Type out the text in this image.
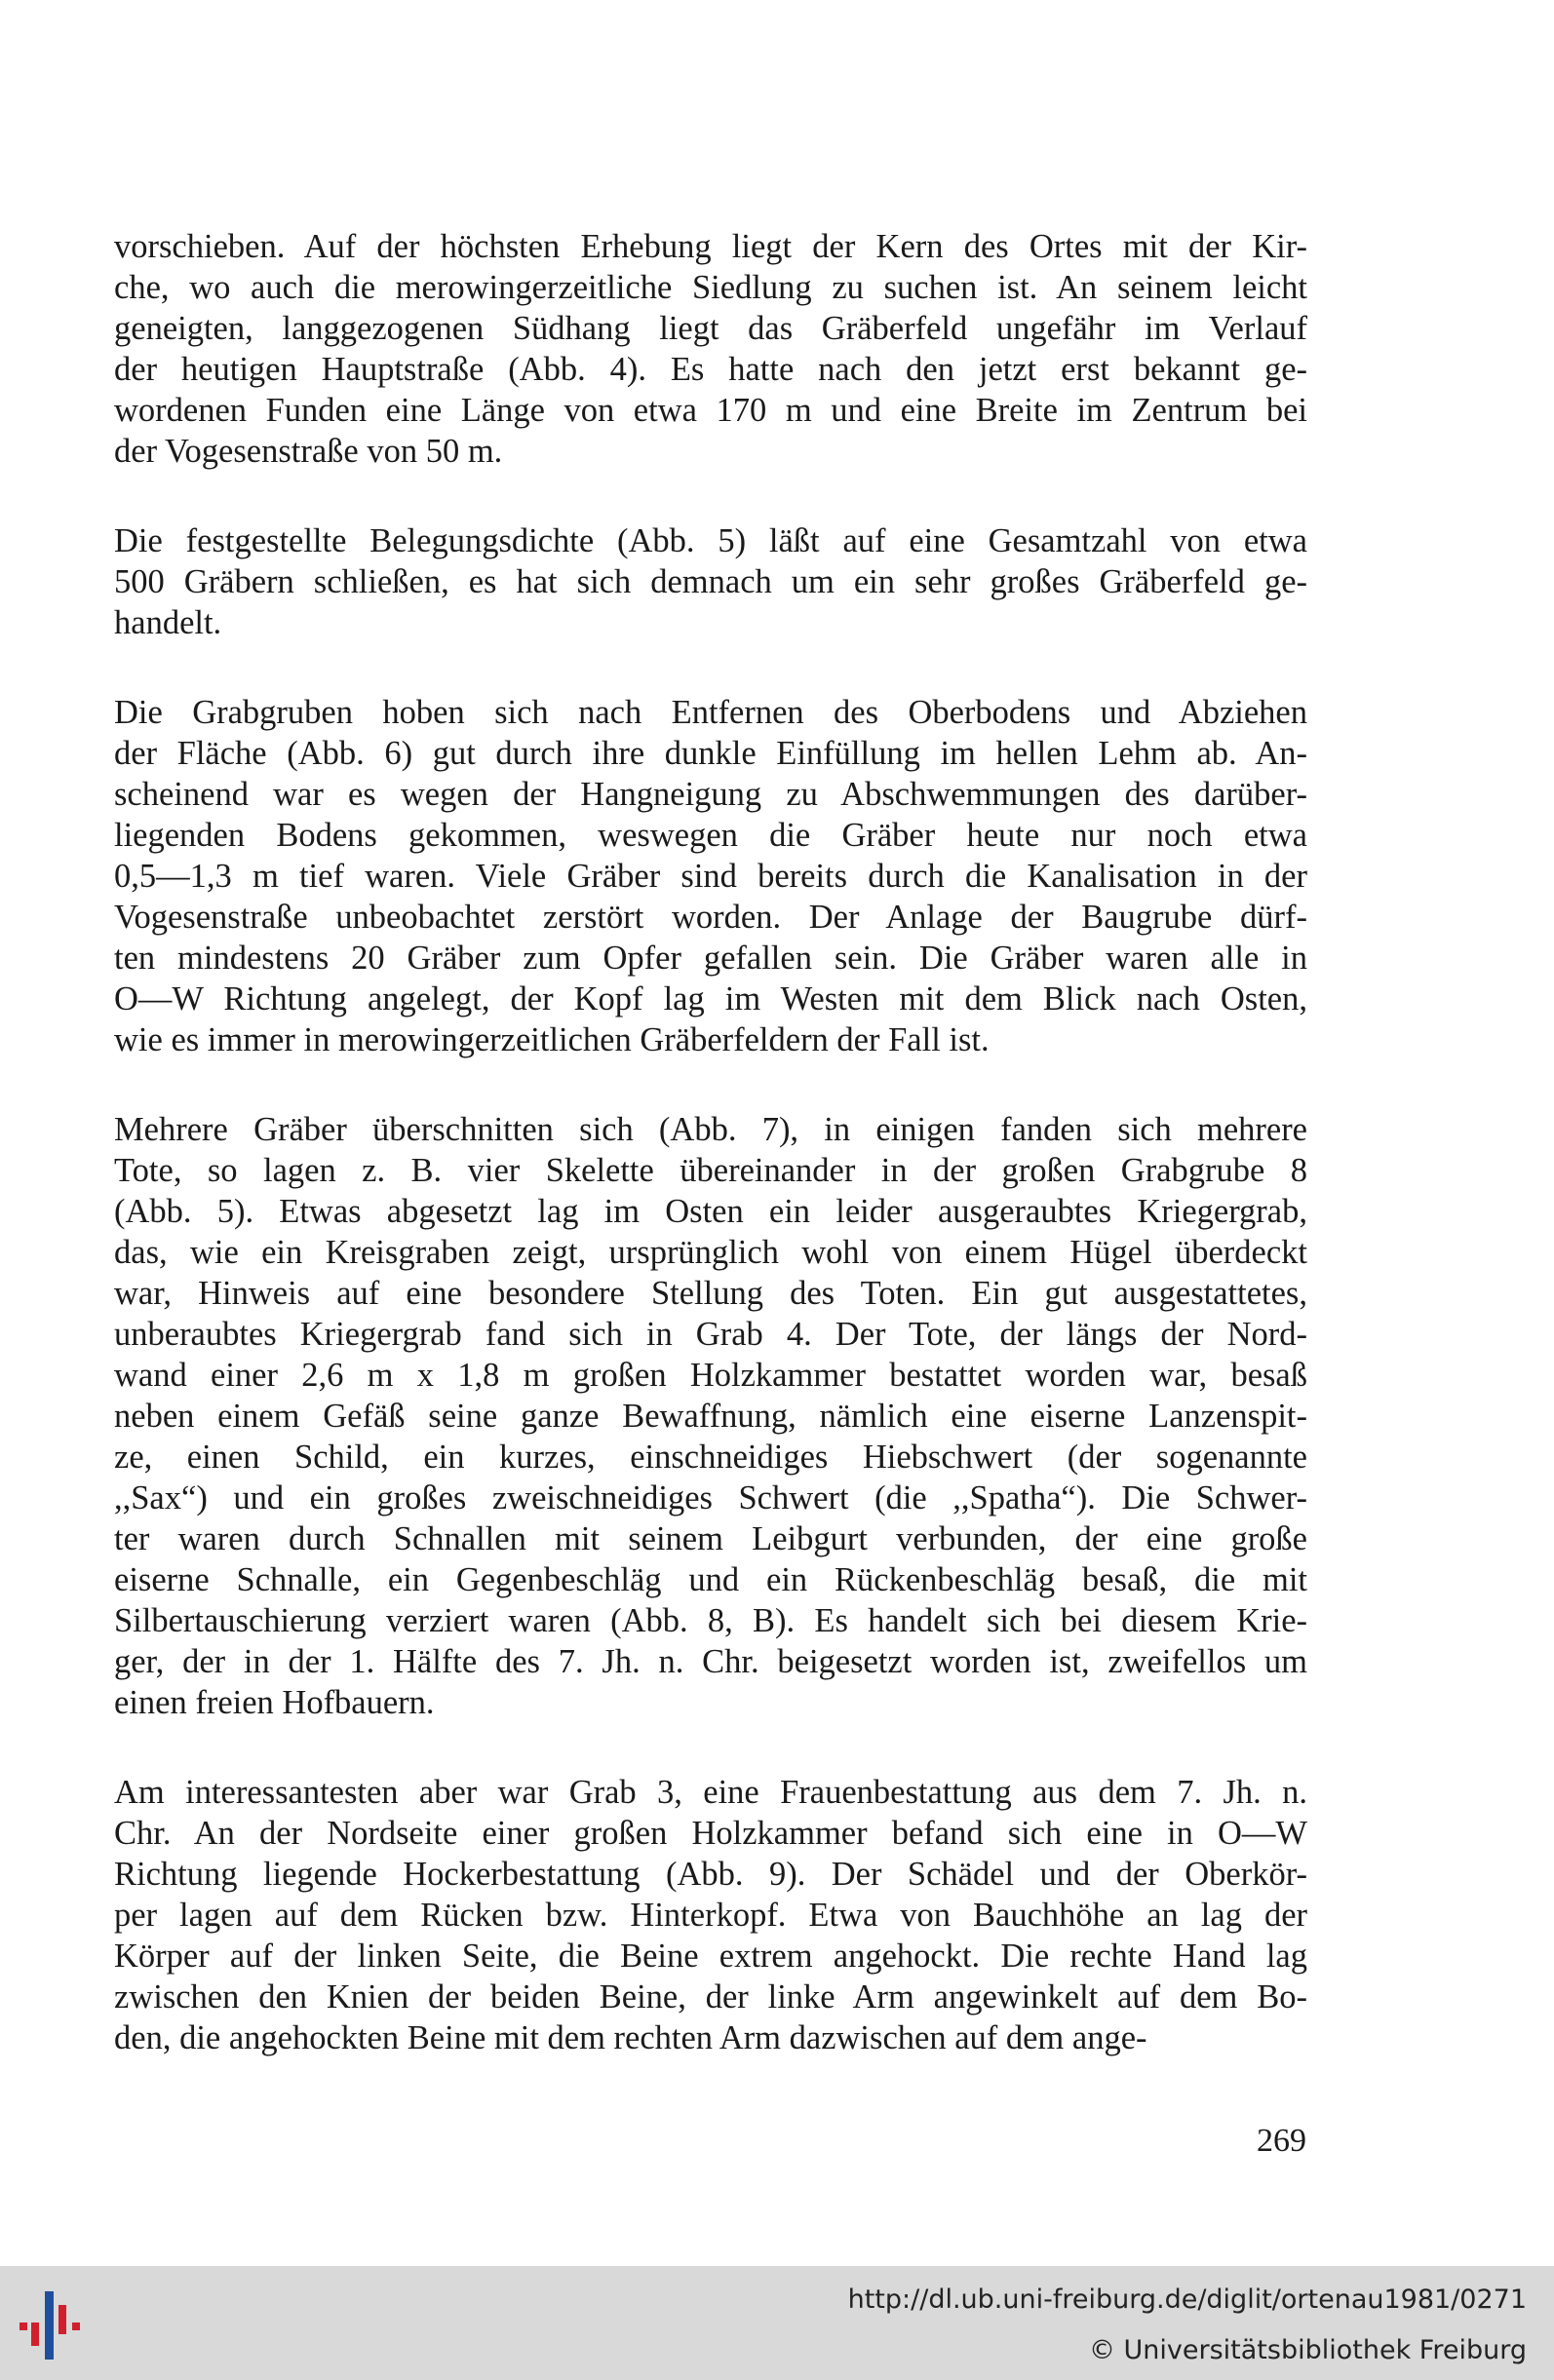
vorschieben. Auf der höchsten Erhebung liegt der Kern des Ortes mit der Kir-
che, wo auch die merowingerzeitliche Siedlung zu suchen ist. An seinem leicht
geneigten, langgezogenen Südhang liegt das Gräberfeld ungefähr im Verlauf
der heutigen Hauptstraße (Abb. 4). Es hatte nach den jetzt erst bekannt ge-
wordenen Funden eine Länge von etwa 170 m und eine Breite im Zentrum bei
der Vogesenstraße von 50 m.

Die festgestellte Belegungsdichte (Abb. 5) läßt auf eine Gesamtzahl von etwa
500 Gräbern schließen, es hat sich demnach um ein sehr großes Gräberfeld ge-
handelt.

Die Grabgruben hoben sich nach Entfernen des Oberbodens und Abziehen
der Fläche (Abb. 6) gut durch ihre dunkle Einfüllung im hellen Lehm ab. An-
scheinend war es wegen der Hangneigung zu Abschwemmungen des darüber-
liegenden Bodens gekommen, weswegen die Gräber heute nur noch etwa
0,5—1,3 m tief waren. Viele Gräber sind bereits durch die Kanalisation in der
Vogesenstraße unbeobachtet zerstört worden. Der Anlage der Baugrube dürf-
ten mindestens 20 Gräber zum Opfer gefallen sein. Die Gräber waren alle in
O—W Richtung angelegt, der Kopf lag im Westen mit dem Blick nach Osten,
wie es immer in merowingerzeitlichen Gräberfeldern der Fall ist.

Mehrere Gräber überschnitten sich (Abb. 7), in einigen fanden sich mehrere
Tote, so lagen z. B. vier Skelette übereinander in der großen Grabgrube 8
(Abb. 5). Etwas abgesetzt lag im Osten ein leider ausgeraubtes Kriegergrab,
das, wie ein Kreisgraben zeigt, ursprünglich wohl von einem Hügel überdeckt
war, Hinweis auf eine besondere Stellung des Toten. Ein gut ausgestattetes,
unberaubtes Kriegergrab fand sich in Grab 4. Der Tote, der längs der Nord-
wand einer 2,6 m x 1,8 m großen Holzkammer bestattet worden war, besaß
neben einem Gefäß seine ganze Bewaffnung, nämlich eine eiserne Lanzenspit-
ze, einen Schild, ein kurzes, einschneidiges Hiebschwert (der sogenannte
,,Sax“) und ein großes zweischneidiges Schwert (die ,,Spatha“). Die Schwer-
ter waren durch Schnallen mit seinem Leibgurt verbunden, der eine große
eiserne Schnalle, ein Gegenbeschläg und ein Rückenbeschläg besaß, die mit
Silbertauschierung verziert waren (Abb. 8, B). Es handelt sich bei diesem Krie-
ger, der in der 1. Hälfte des 7. Jh. n. Chr. beigesetzt worden ist, zweifellos um
einen freien Hofbauern.

Am interessantesten aber war Grab 3, eine Frauenbestattung aus dem 7. Jh. n.
Chr. An der Nordseite einer großen Holzkammer befand sich eine in O—W
Richtung liegende Hockerbestattung (Abb. 9). Der Schädel und der Oberkör-
per lagen auf dem Rücken bzw. Hinterkopf. Etwa von Bauchhöhe an lag der
Körper auf der linken Seite, die Beine extrem angehockt. Die rechte Hand lag
zwischen den Knien der beiden Beine, der linke Arm angewinkelt auf dem Bo-
den, die angehockten Beine mit dem rechten Arm dazwischen auf dem ange-

269
http://dl.ub.uni-freiburg.de/diglit/ortenau1981/0271
© Universitätsbibliothek Freiburg
